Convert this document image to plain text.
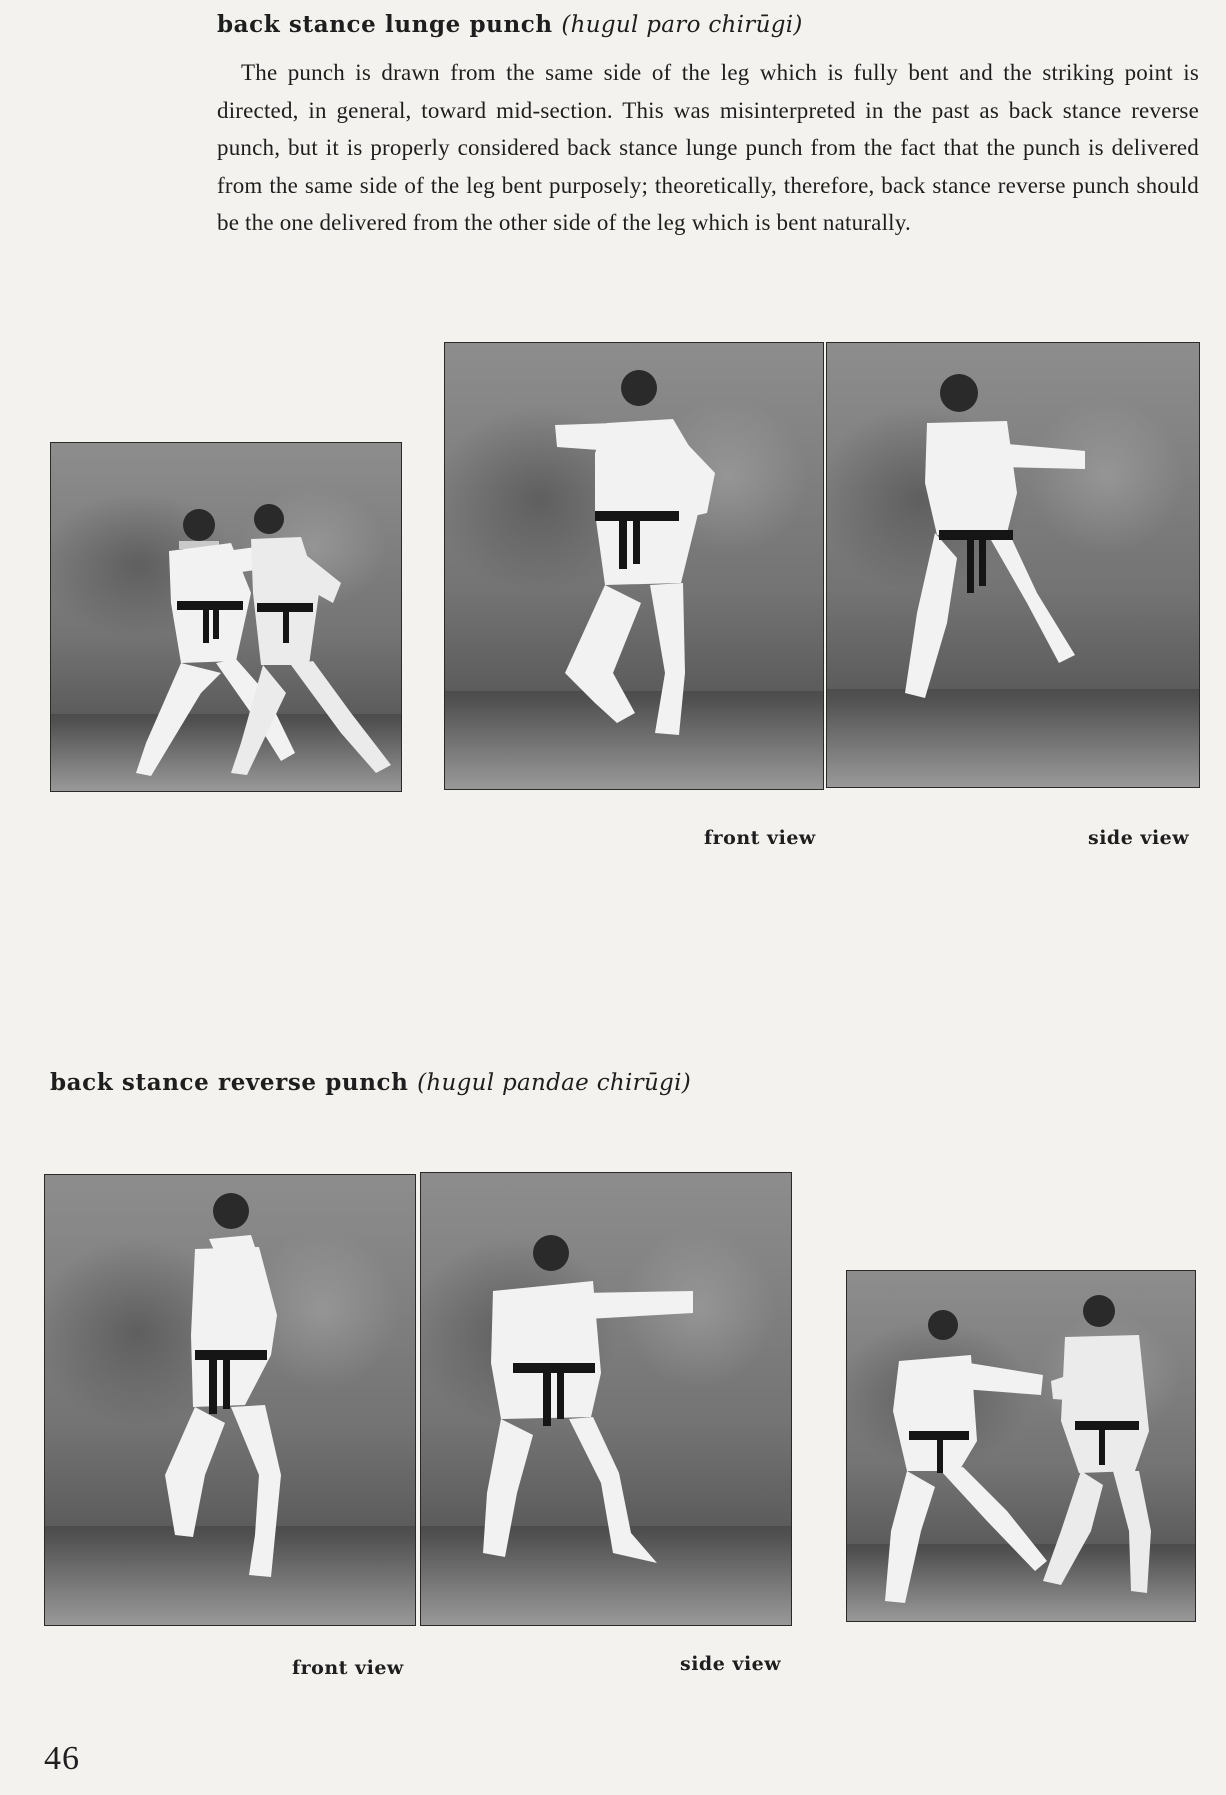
back stance lunge punch (hugul paro chirūgi)

The punch is drawn from the same side of the leg which is fully bent and the striking point is directed, in general, toward mid-section. This was misinterpreted in the past as back stance reverse punch, but it is properly considered back stance lunge punch from the fact that the punch is delivered from the same side of the leg bent purposely; theoretically, therefore, back stance reverse punch should be the one delivered from the other side of the leg which is bent naturally.

front view	side view

back stance reverse punch (hugul pandae chirūgi)

front view	side view

46
